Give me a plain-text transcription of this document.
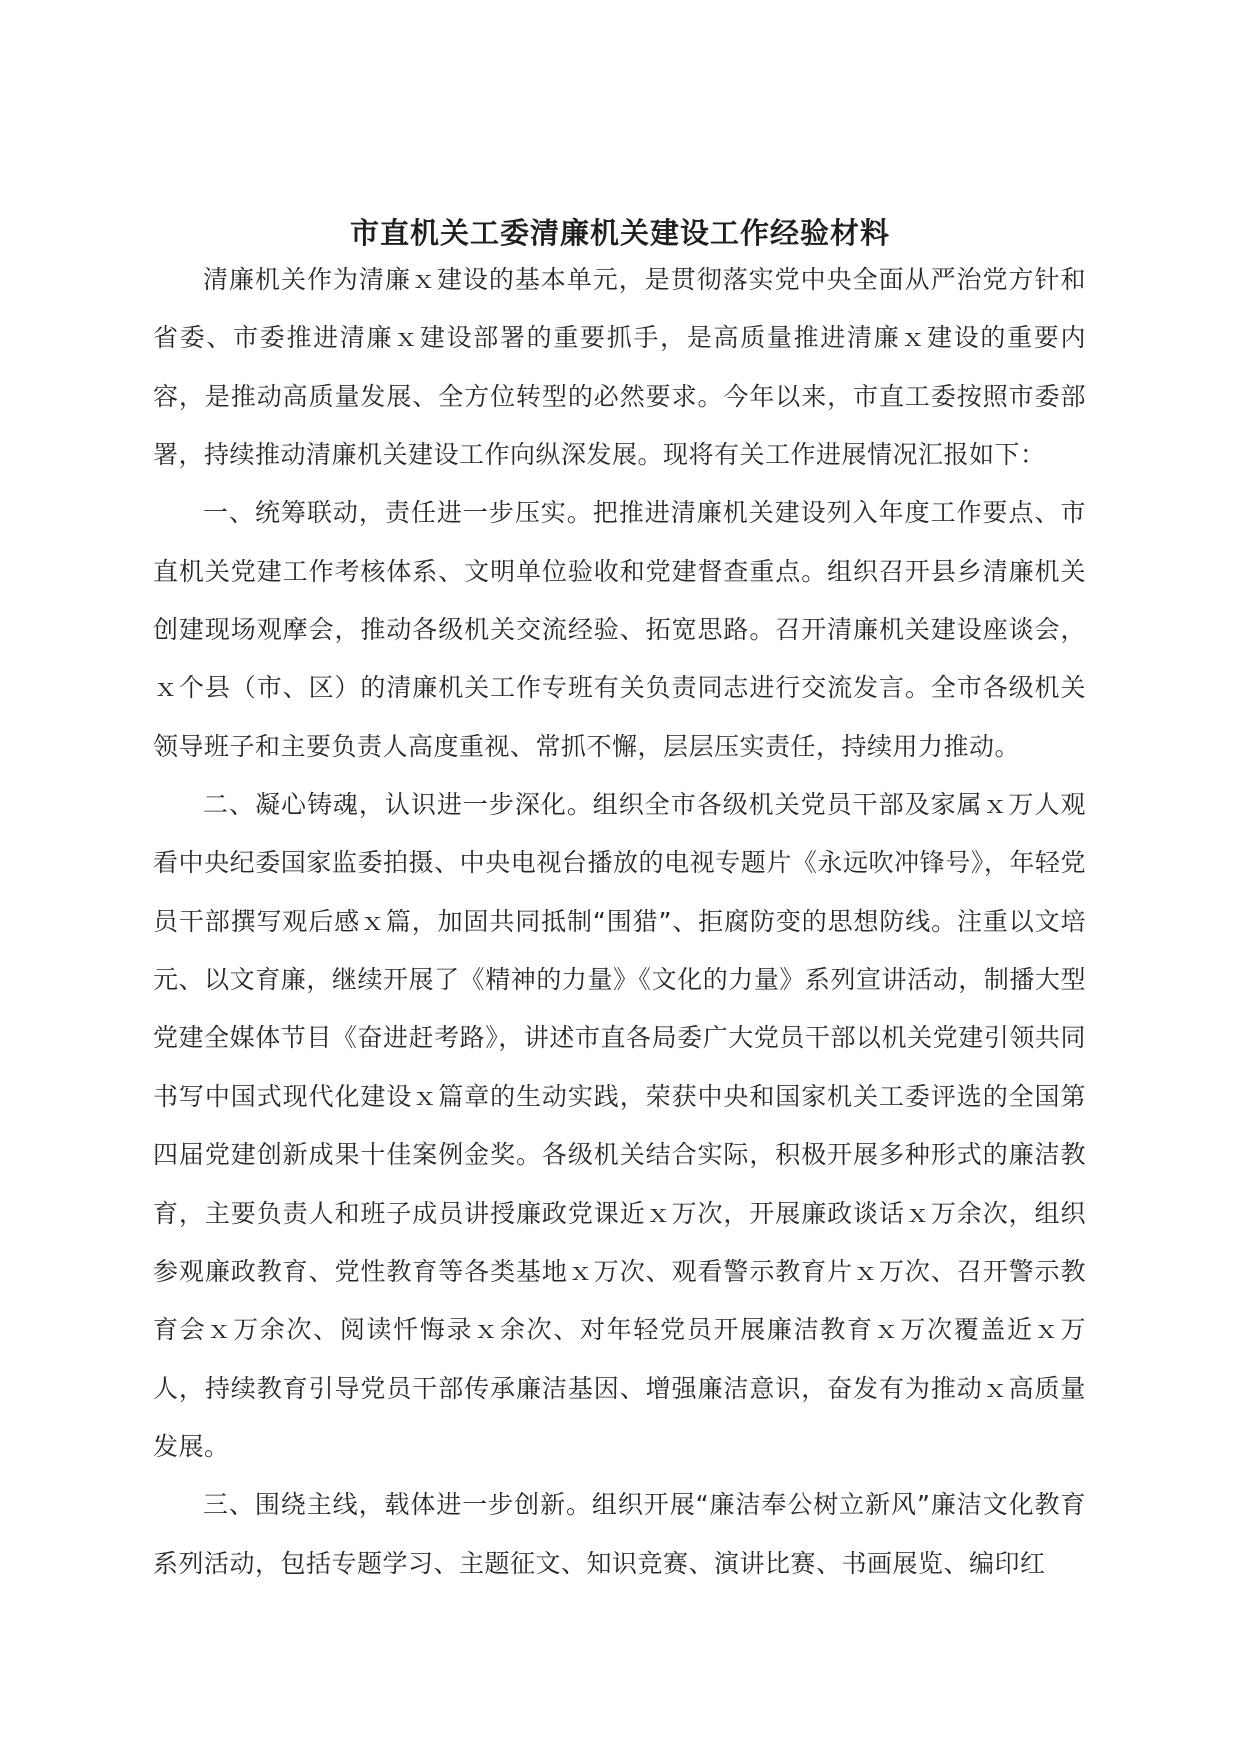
市直机关工委清廉机关建设工作经验材料

清廉机关作为清廉ｘ建设的基本单元，是贯彻落实党中央全面从严治党方针和省委、市委推进清廉ｘ建设部署的重要抓手，是高质量推进清廉ｘ建设的重要内容，是推动高质量发展、全方位转型的必然要求。今年以来，市直工委按照市委部署，持续推动清廉机关建设工作向纵深发展。现将有关工作进展情况汇报如下：

一、统筹联动，责任进一步压实。把推进清廉机关建设列入年度工作要点、市直机关党建工作考核体系、文明单位验收和党建督查重点。组织召开县乡清廉机关创建现场观摩会，推动各级机关交流经验、拓宽思路。召开清廉机关建设座谈会，ｘ个县（市、区）的清廉机关工作专班有关负责同志进行交流发言。全市各级机关领导班子和主要负责人高度重视、常抓不懈，层层压实责任，持续用力推动。

二、凝心铸魂，认识进一步深化。组织全市各级机关党员干部及家属ｘ万人观看中央纪委国家监委拍摄、中央电视台播放的电视专题片《永远吹冲锋号》，年轻党员干部撰写观后感ｘ篇，加固共同抵制“围猎”、拒腐防变的思想防线。注重以文培元、以文育廉，继续开展了《精神的力量》《文化的力量》系列宣讲活动，制播大型党建全媒体节目《奋进赶考路》，讲述市直各局委广大党员干部以机关党建引领共同书写中国式现代化建设ｘ篇章的生动实践，荣获中央和国家机关工委评选的全国第四届党建创新成果十佳案例金奖。各级机关结合实际，积极开展多种形式的廉洁教育，主要负责人和班子成员讲授廉政党课近ｘ万次，开展廉政谈话ｘ万余次，组织参观廉政教育、党性教育等各类基地ｘ万次、观看警示教育片ｘ万次、召开警示教育会ｘ万余次、阅读忏悔录ｘ余次、对年轻党员开展廉洁教育ｘ万次覆盖近ｘ万人，持续教育引导党员干部传承廉洁基因、增强廉洁意识，奋发有为推动ｘ高质量发展。

三、围绕主线，载体进一步创新。组织开展“廉洁奉公树立新风”廉洁文化教育系列活动，包括专题学习、主题征文、知识竞赛、演讲比赛、书画展览、编印红
